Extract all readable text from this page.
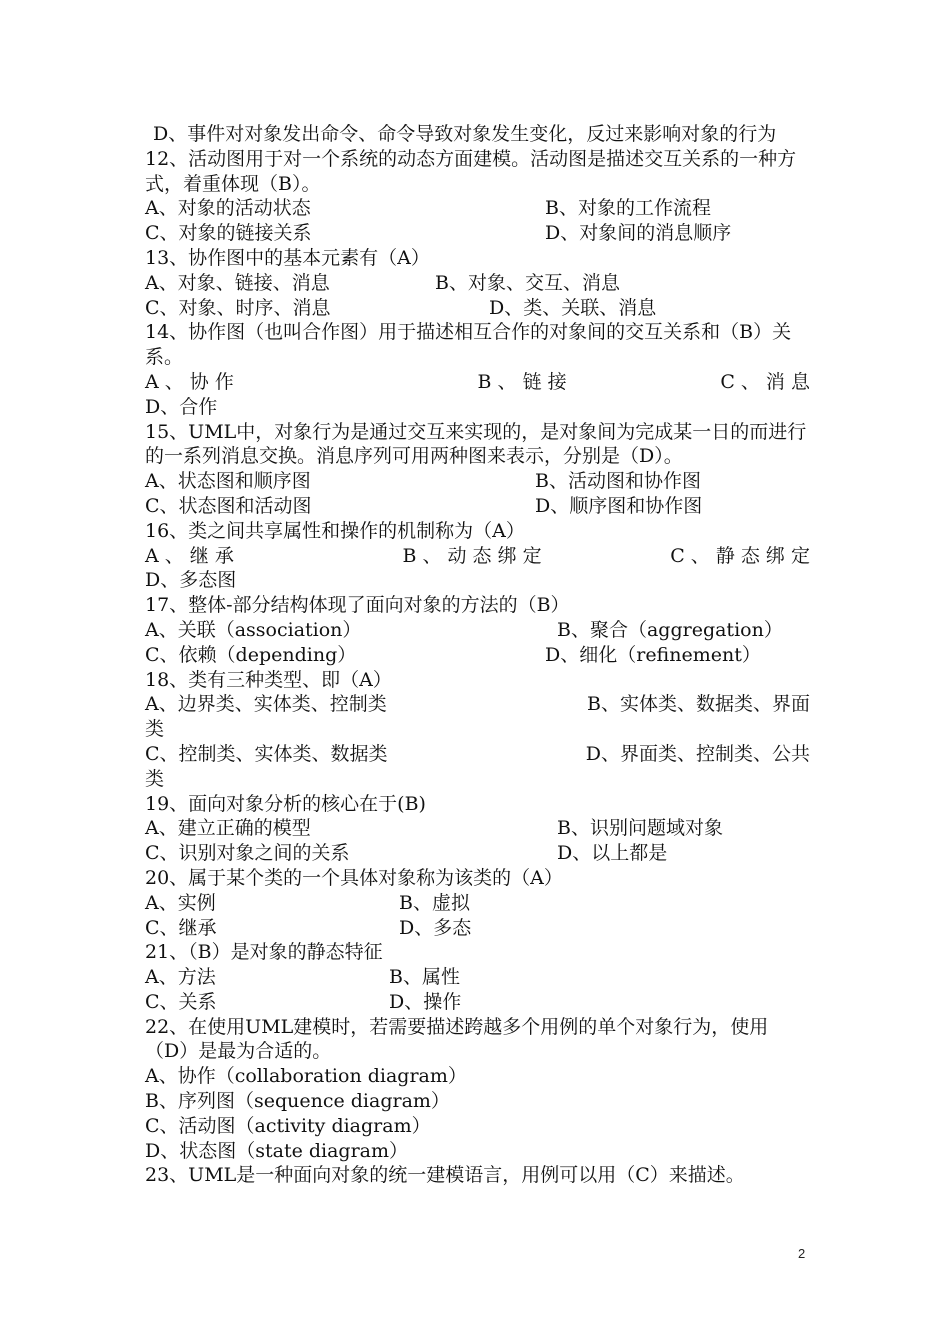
D、事件对对象发出命令、命令导致对象发生变化，反过来影响对象的行为
12、活动图用于对一个系统的动态方面建模。活动图是描述交互关系的一种方式，着重体现（B）。
A、对象的活动状态	B、对象的工作流程
C、对象的链接关系	D、对象间的消息顺序
13、协作图中的基本元素有（A）
A、对象、链接、消息	B、对象、交互、消息
C、对象、时序、消息	D、类、关联、消息
14、协作图（也叫合作图）用于描述相互合作的对象间的交互关系和（B）关系。
A 、 协 作	B 、 链 接	C 、 消 息
D、合作
15、UML中，对象行为是通过交互来实现的，是对象间为完成某一日的而进行的一系列消息交换。消息序列可用两种图来表示，分别是（D）。
A、状态图和顺序图	B、活动图和协作图
C、状态图和活动图	D、顺序图和协作图
16、类之间共享属性和操作的机制称为（A）
A 、 继 承	B 、 动 态 绑 定	C 、 静 态 绑 定
D、多态图
17、整体-部分结构体现了面向对象的方法的（B）
A、关联（association）	B、聚合（aggregation）
C、依赖（depending）	D、细化（refinement）
18、类有三种类型、即（A）
A、边界类、实体类、控制类	B、实体类、数据类、界面
类
C、控制类、实体类、数据类	D、界面类、控制类、公共
类
19、面向对象分析的核心在于(B)
A、建立正确的模型	B、识别问题域对象
C、识别对象之间的关系	D、以上都是
20、属于某个类的一个具体对象称为该类的（A）
A、实例	B、虚拟
C、继承	D、多态
21、（B）是对象的静态特征
A、方法	B、属性
C、关系	D、操作
22、在使用UML建模时，若需要描述跨越多个用例的单个对象行为，使用（D）是最为合适的。
A、协作（collaboration diagram）
B、序列图（sequence diagram）
C、活动图（activity diagram）
D、状态图（state diagram）
23、UML是一种面向对象的统一建模语言，用例可以用（C）来描述。
2
